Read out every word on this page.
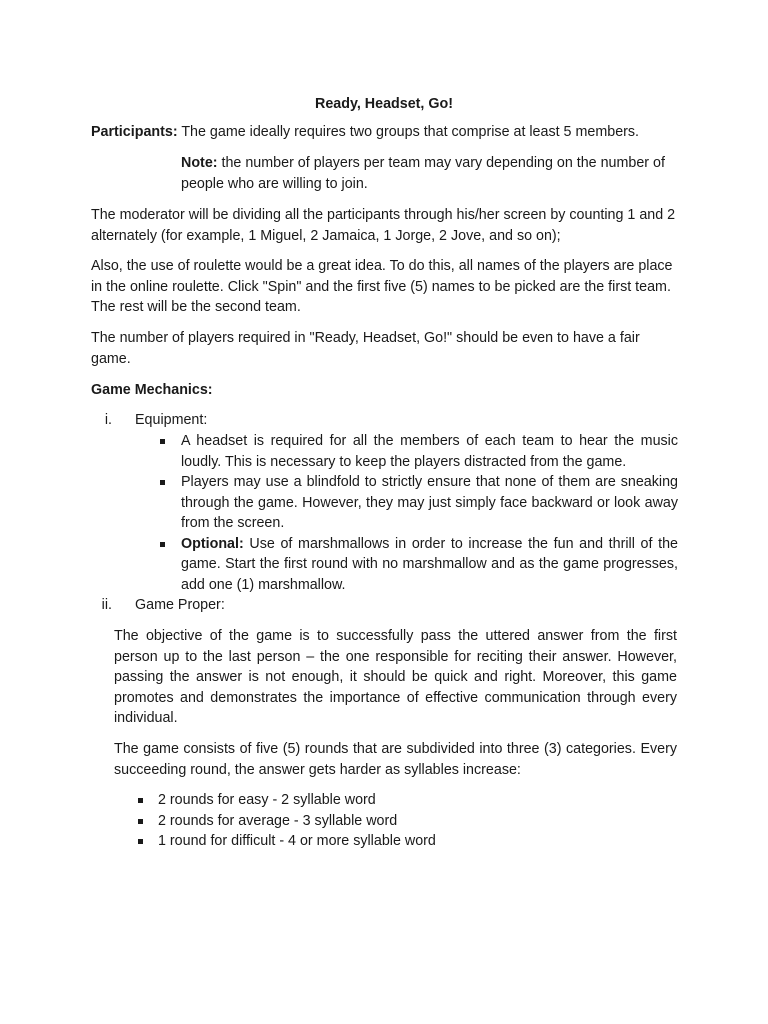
Ready, Headset, Go!

Participants: The game ideally requires two groups that comprise at least 5 members.

Note: the number of players per team may vary depending on the number of people who are willing to join.

The moderator will be dividing all the participants through his/her screen by counting 1 and 2 alternately (for example, 1 Miguel, 2 Jamaica, 1 Jorge, 2 Jove, and so on);

Also, the use of roulette would be a great idea. To do this, all names of the players are place in the online roulette. Click "Spin" and the first five (5) names to be picked are the first team. The rest will be the second team.

The number of players required in "Ready, Headset, Go!" should be even to have a fair game.

Game Mechanics:

i. Equipment:
A headset is required for all the members of each team to hear the music loudly. This is necessary to keep the players distracted from the game.
Players may use a blindfold to strictly ensure that none of them are sneaking through the game. However, they may just simply face backward or look away from the screen.
Optional: Use of marshmallows in order to increase the fun and thrill of the game. Start the first round with no marshmallow and as the game progresses, add one (1) marshmallow.
ii. Game Proper:

The objective of the game is to successfully pass the uttered answer from the first person up to the last person – the one responsible for reciting their answer. However, passing the answer is not enough, it should be quick and right. Moreover, this game promotes and demonstrates the importance of effective communication through every individual.

The game consists of five (5) rounds that are subdivided into three (3) categories. Every succeeding round, the answer gets harder as syllables increase:

2 rounds for easy - 2 syllable word
2 rounds for average - 3 syllable word
1 round for difficult - 4 or more syllable word
